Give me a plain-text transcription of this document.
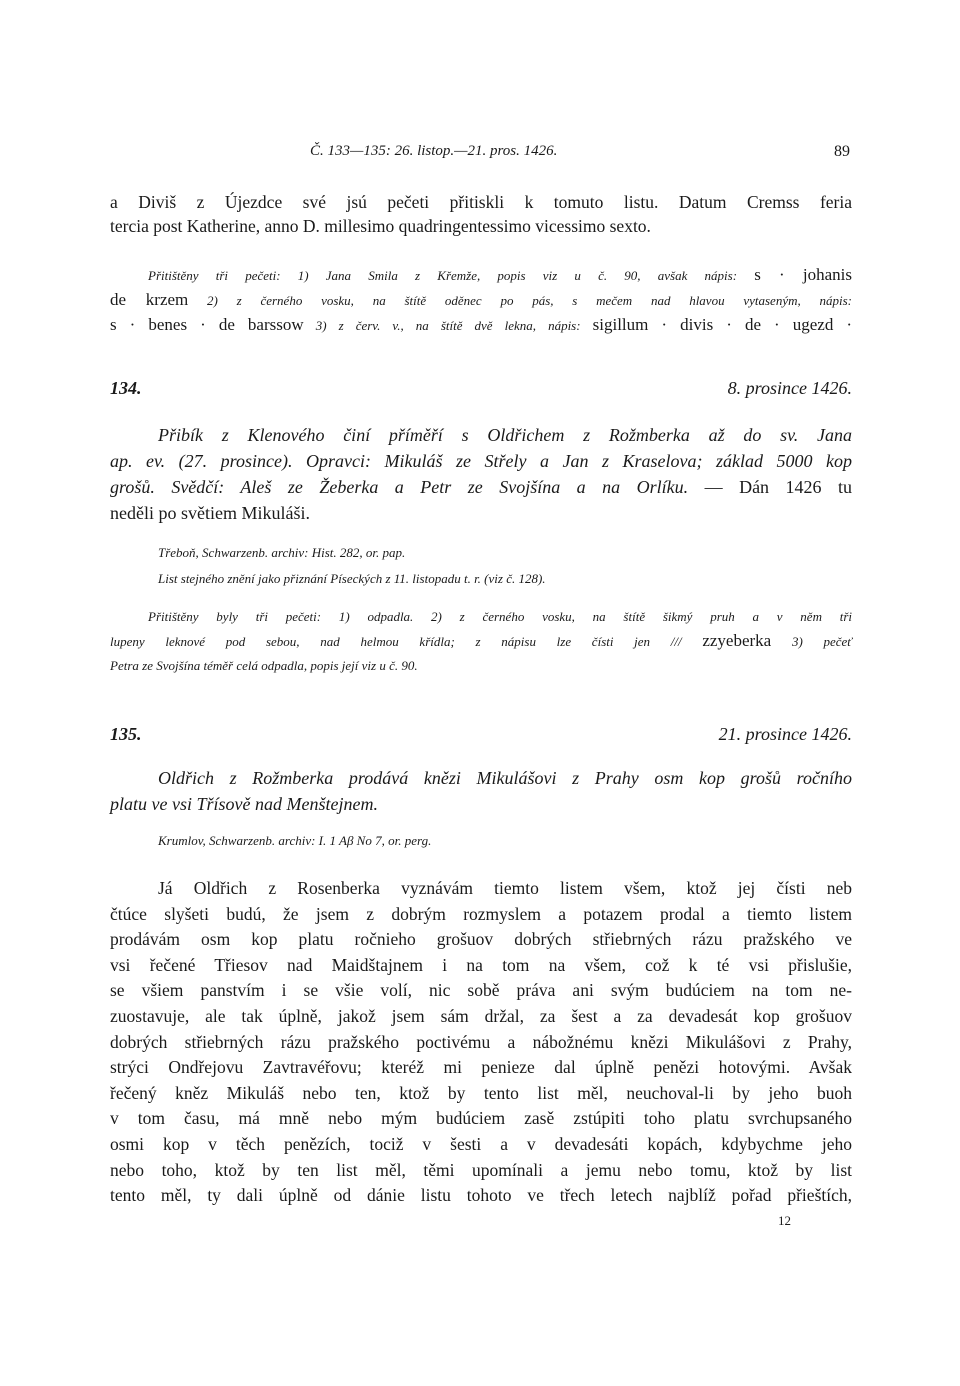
Č. 133—135: 26. listop.—21. pros. 1426.	89

a Diviš z Újezdce své jsú pečeti přitiskli k tomuto listu. Datum Cremss feria

tercia post Katherine, anno D. millesimo quadringentessimo vicessimo sexto.

Přitištěny tři pečeti: 1) Jana Smila z Křemže, popis viz u č. 90, avšak nápis: s · johanis

de krzem 2) z černého vosku, na štítě oděnec po pás, s mečem nad hlavou vytaseným, nápis:

s · benes · de barssow 3) z červ. v., na štítě dvě lekna, nápis: sigillum · divis · de · ugezd ·

134.	8. prosince 1426.

Přibík z Klenového činí příměří s Oldřichem z Rožmberka až do sv. Jana

ap. ev. (27. prosince). Opravci: Mikuláš ze Střely a Jan z Kraselova; základ 5000 kop

grošů. Svědčí: Aleš ze Žeberka a Petr ze Svojšína a na Orlíku. — Dán 1426 tu

neděli po světiem Mikuláši.

Třeboň, Schwarzenb. archiv: Hist. 282, or. pap.
List stejného znění jako přiznání Píseckých z 11. listopadu t. r. (viz č. 128).

Přitištěny byly tři pečeti: 1) odpadla. 2) z černého vosku, na štítě šikmý pruh a v něm tři

lupeny leknové pod sebou, nad helmou křídla; z nápisu lze čísti jen /// zzyeberka 3) pečeť

Petra ze Svojšína téměř celá odpadla, popis její viz u č. 90.

135.	21. prosince 1426.

Oldřich z Rožmberka prodává knězi Mikulášovi z Prahy osm kop grošů ročního

platu ve vsi Třísově nad Menštejnem.

Krumlov, Schwarzenb. archiv: I. 1 Aβ No 7, or. perg.

Já Oldřich z Rosenberka vyznávám tiemto listem všem, ktož jej čísti neb

čtúce slyšeti budú, že jsem z dobrým rozmyslem a potazem prodal a tiemto listem

prodávám osm kop platu ročnieho grošuov dobrých střiebrných rázu pražského ve

vsi řečené Třiesov nad Maidštajnem i na tom na všem, což k té vsi přislušie,

se všiem panstvím i se všie volí, nic sobě práva ani svým budúciem na tom ne-

zuostavuje, ale tak úplně, jakož jsem sám držal, za šest a za devadesát kop grošuov

dobrých střiebrných rázu pražského poctivému a nábožnému knězi Mikulášovi z Prahy,

strýci Ondřejovu Zavtravéřovu; kteréž mi penieze dal úplně penězi hotovými. Avšak

řečený kněz Mikuláš nebo ten, ktož by tento list měl, neuchoval-li by jeho buoh

v tom času, má mně nebo mým budúciem zasě zstúpiti toho platu svrchupsaného

osmi kop v těch penězích, tociž v šesti a v devadesáti kopách, kdybychme jeho

nebo toho, ktož by ten list měl, těmi upomínali a jemu nebo tomu, ktož by list

tento měl, ty dali úplně od dánie listu tohoto ve třech letech najblíž pořad přieštích,

12
